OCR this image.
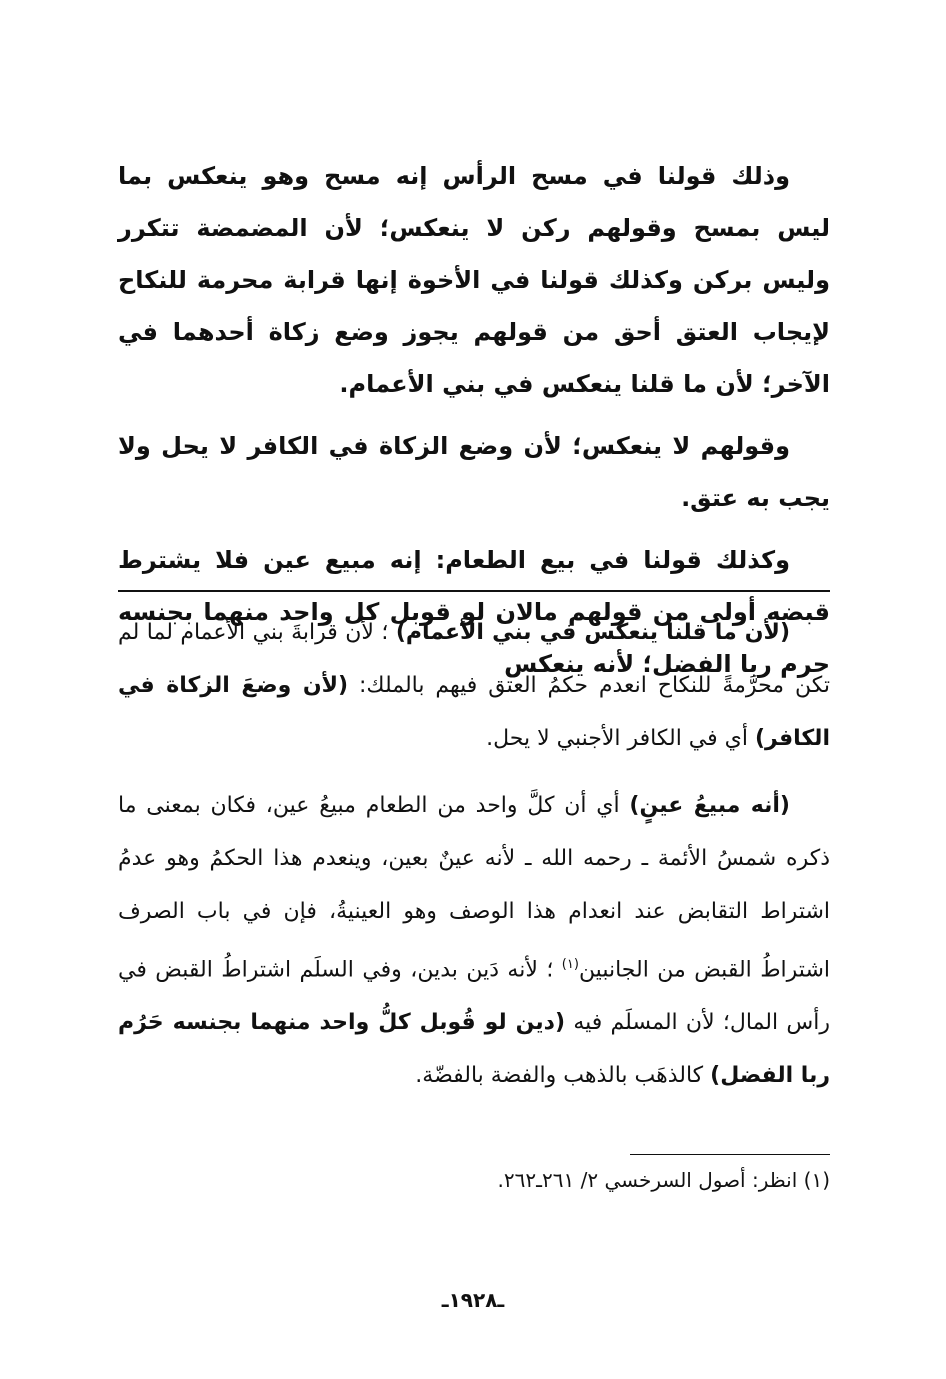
وذلك قولنا في مسح الرأس إنه مسح وهو ينعكس بما ليس بمسح وقولهم ركن لا ينعكس؛ لأن المضمضة تتكرر وليس بركن وكذلك قولنا في الأخوة إنها قرابة محرمة للنكاح لإيجاب العتق أحق من قولهم يجوز وضع زكاة أحدهما في الآخر؛ لأن ما قلنا ينعكس في بني الأعمام.

وقولهم لا ينعكس؛ لأن وضع الزكاة في الكافر لا يحل ولا يجب به عتق.

وكذلك قولنا في بيع الطعام: إنه مبيع عين فلا يشترط قبضه أولى من قولهم مالان لو قوبل كل واحد منهما بجنسه حرم ربا الفضل؛ لأنه ينعكس

(لأن ما قلنا ينعكس في بني الأعمام) ؛ لأن قرابةَ بني الأعمام لما لم تكن محرَّمةً للنكاح انعدم حكمُ العتق فيهم بالملك: (لأن وضعَ الزكاة في الكافر) أي في الكافر الأجنبي لا يحل.

(أنه مبيعُ عينٍ) أي أن كلَّ واحد من الطعام مبيعُ عين، فكان بمعنى ما ذكره شمسُ الأئمة ـ رحمه الله ـ لأنه عينٌ بعين، وينعدم هذا الحكمُ وهو عدمُ اشتراط التقابض عند انعدام هذا الوصف وهو العينيةُ، فإن في باب الصرف اشتراطُ القبض من الجانبين$^{(١)}$ ؛ لأنه دَين بدين، وفي السلَم اشتراطُ القبض في رأس المال؛ لأن المسلَم فيه (دين لو قُوبل كلُّ واحد منهما بجنسه حَرُم ربا الفضل) كالذهَب بالذهب والفضة بالفضّة.

(١) انظر: أصول السرخسي ٢/ ٢٦١ـ٢٦٢.
ـ١٩٢٨ـ
